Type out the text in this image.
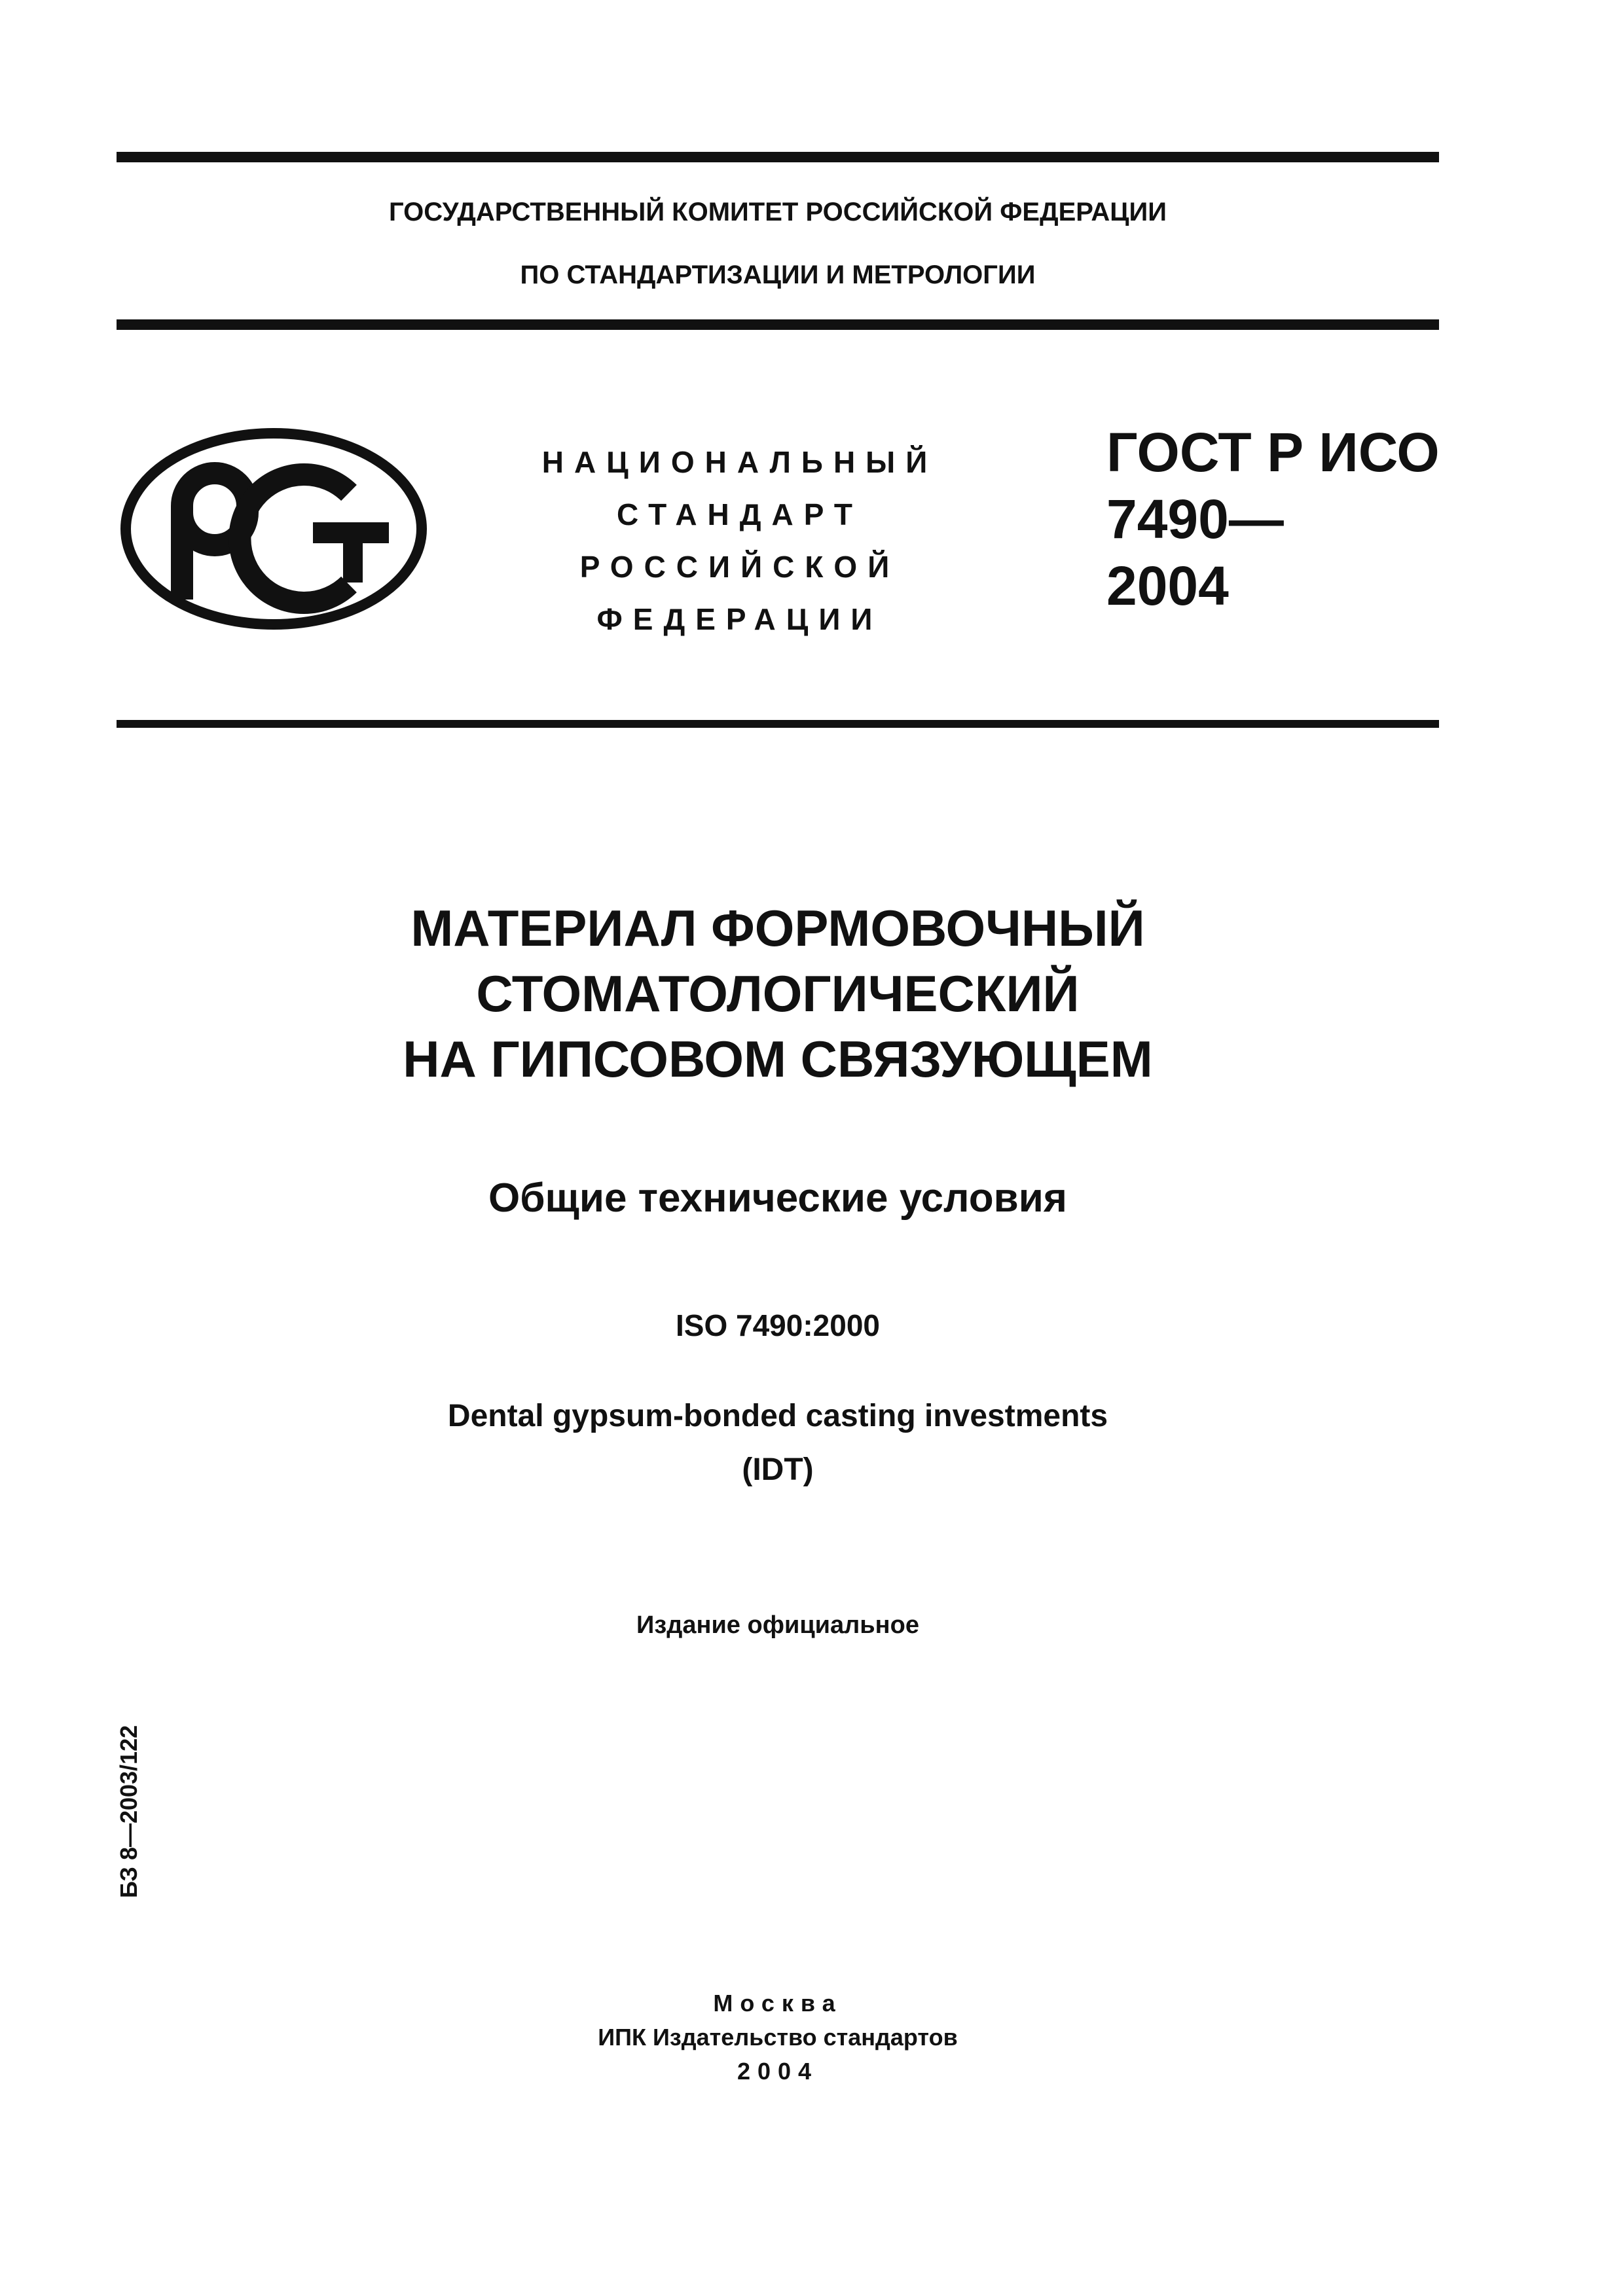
ГОСУДАРСТВЕННЫЙ КОМИТЕТ РОССИЙСКОЙ ФЕДЕРАЦИИ
ПО СТАНДАРТИЗАЦИИ И МЕТРОЛОГИИ
НАЦИОНАЛЬНЫЙ
СТАНДАРТ
РОССИЙСКОЙ
ФЕДЕРАЦИИ
ГОСТ Р ИСО
7490—
2004
МАТЕРИАЛ ФОРМОВОЧНЫЙ
СТОМАТОЛОГИЧЕСКИЙ
НА ГИПСОВОМ СВЯЗУЮЩЕМ
Общие технические условия
ISO 7490:2000
Dental gypsum-bonded casting investments
(IDT)
Издание официальное
БЗ 8—2003/122
Москва
ИПК Издательство стандартов
2004
